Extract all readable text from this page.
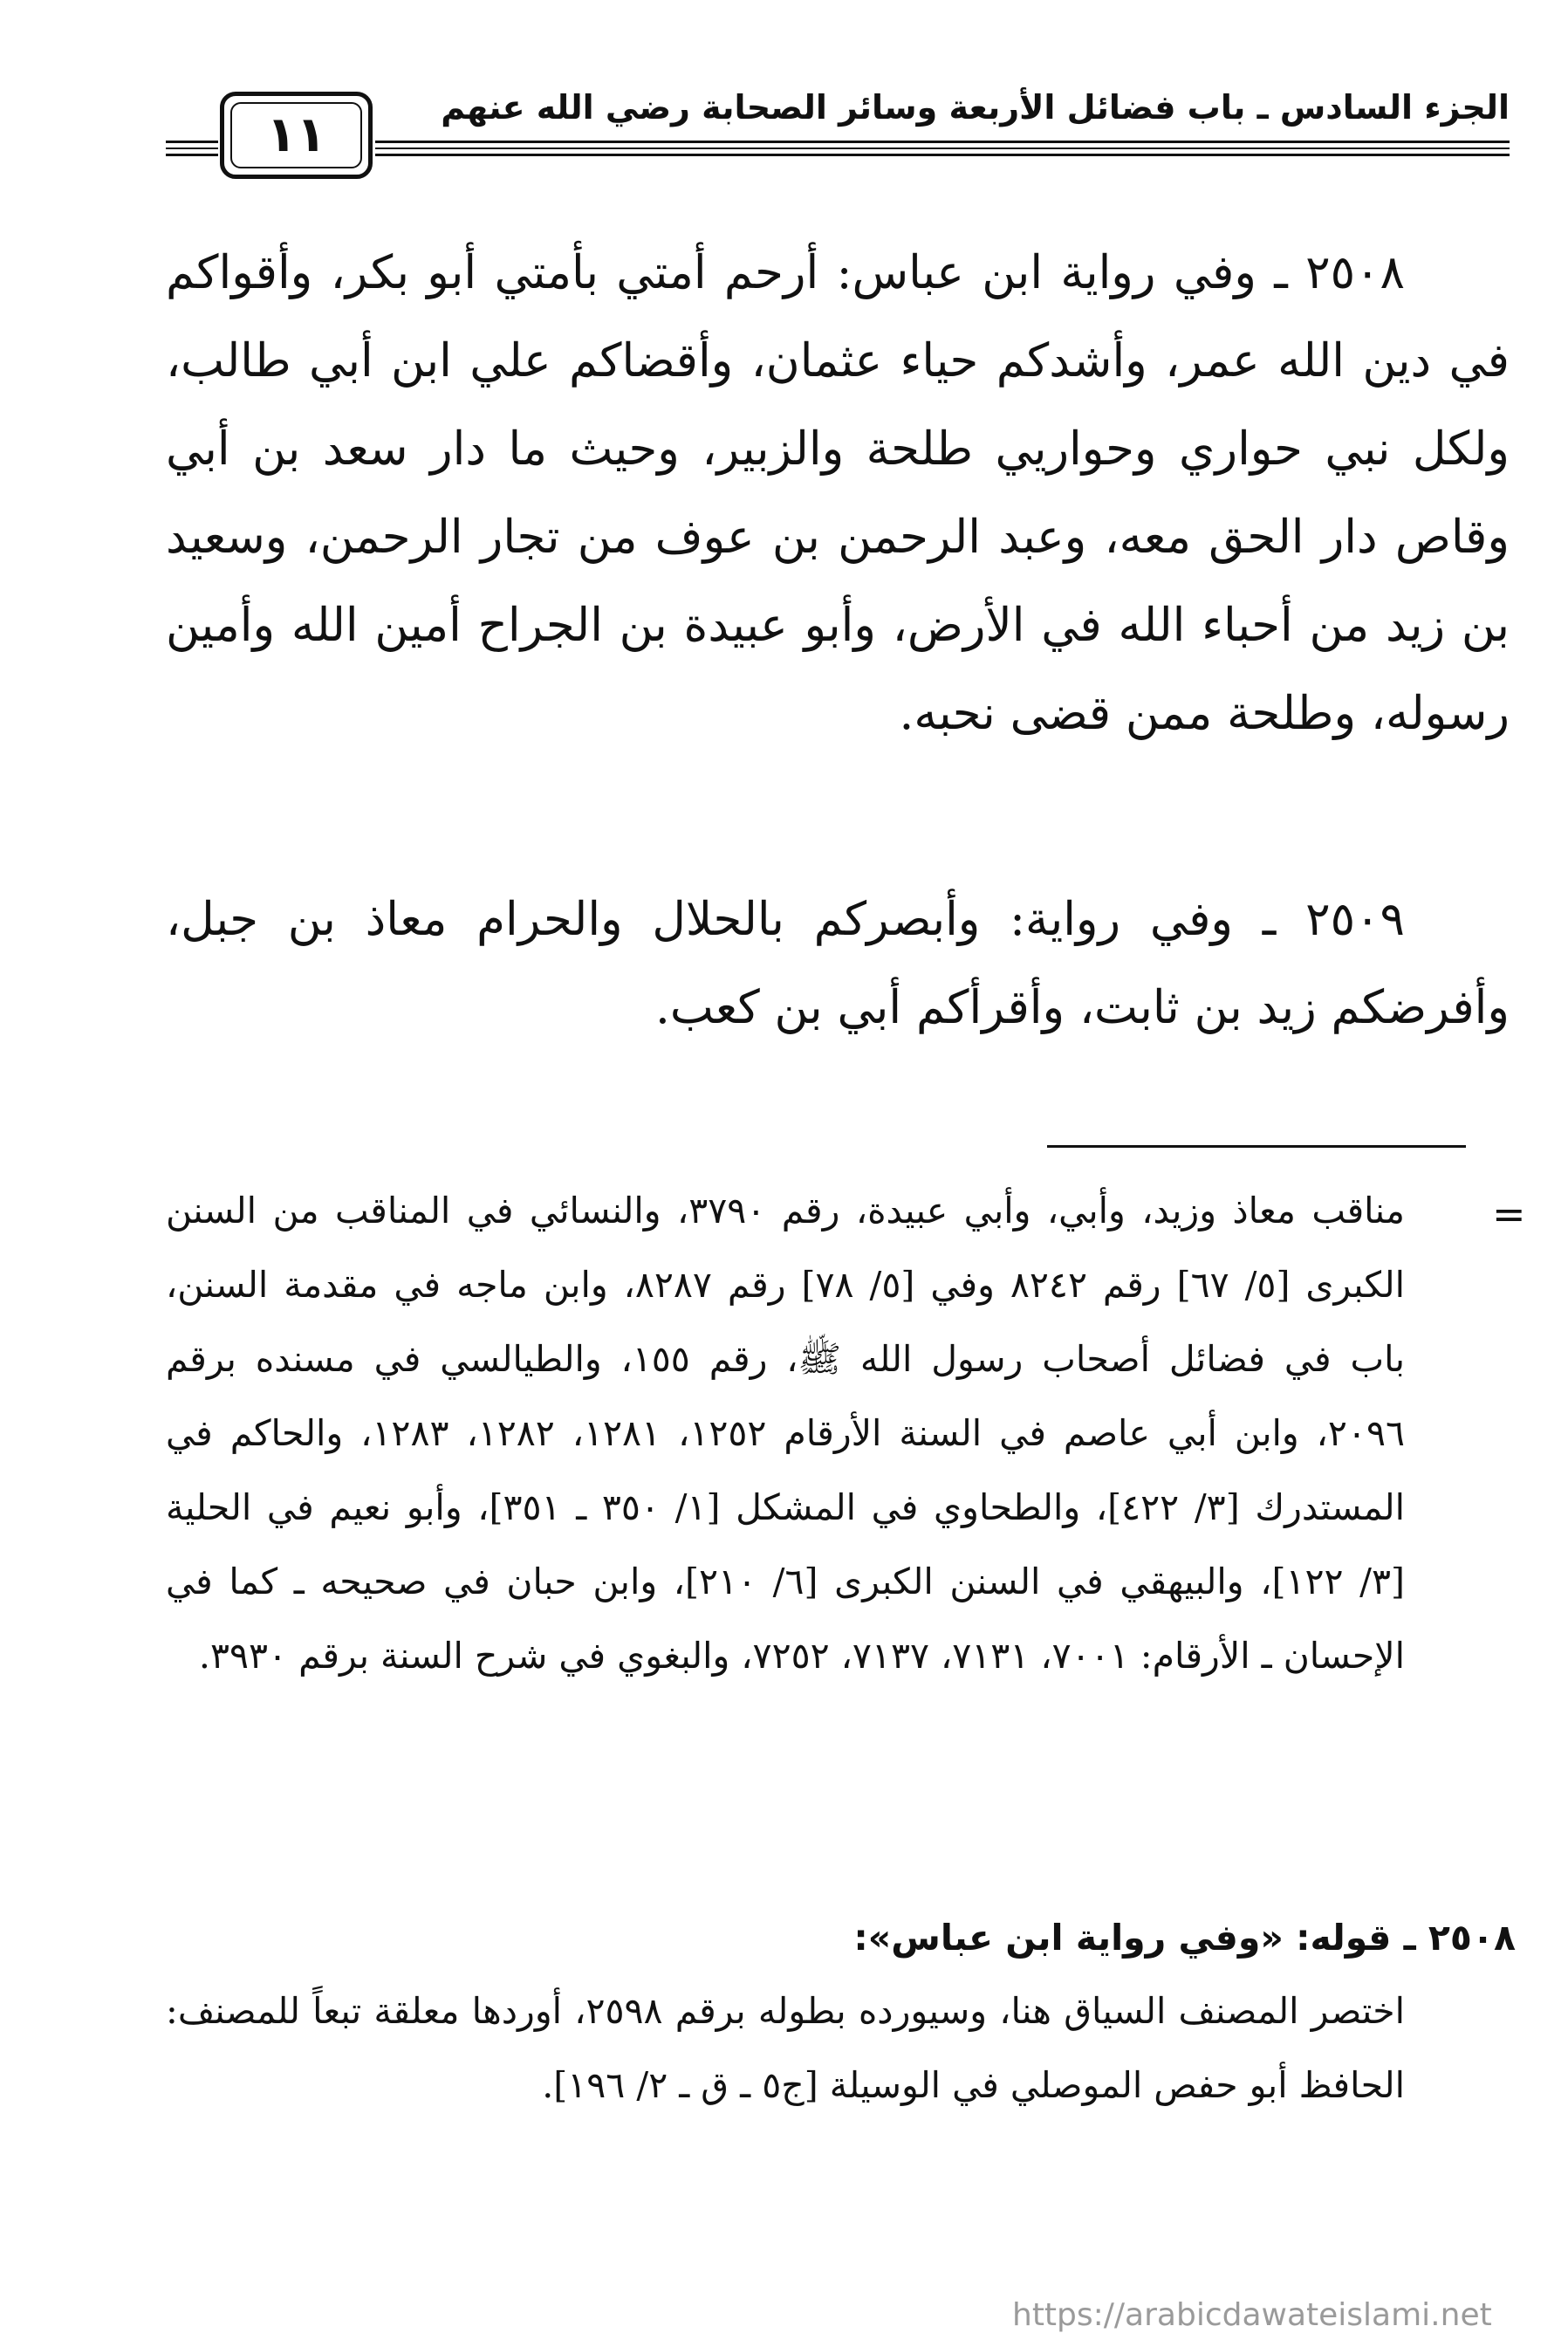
الجزء السادس ـ باب فضائل الأربعة وسائر الصحابة رضي الله عنهم
١١

٢٥٠٨ ـ وفي رواية ابن عباس: أرحم أمتي بأمتي أبو بكر، وأقواكم في دين الله عمر، وأشدكم حياء عثمان، وأقضاكم علي ابن أبي طالب، ولكل نبي حواري وحواريي طلحة والزبير، وحيث ما دار سعد بن أبي وقاص دار الحق معه، وعبد الرحمن بن عوف من تجار الرحمن، وسعيد بن زيد من أحباء الله في الأرض، وأبو عبيدة بن الجراح أمين الله وأمين رسوله، وطلحة ممن قضى نحبه.

٢٥٠٩ ـ وفي رواية: وأبصركم بالحلال والحرام معاذ بن جبل، وأفرضكم زيد بن ثابت، وأقرأكم أبي بن كعب.

=

مناقب معاذ وزيد، وأبي، وأبي عبيدة، رقم ٣٧٩٠، والنسائي في المناقب من السنن الكبرى [٥/ ٦٧] رقم ٨٢٤٢ وفي [٥/ ٧٨] رقم ٨٢٨٧، وابن ماجه في مقدمة السنن، باب في فضائل أصحاب رسول الله ﷺ، رقم ١٥٥، والطيالسي في مسنده برقم ٢٠٩٦، وابن أبي عاصم في السنة الأرقام ١٢٥٢، ١٢٨١، ١٢٨٢، ١٢٨٣، والحاكم في المستدرك [٣/ ٤٢٢]، والطحاوي في المشكل [١/ ٣٥٠ ـ ٣٥١]، وأبو نعيم في الحلية [٣/ ١٢٢]، والبيهقي في السنن الكبرى [٦/ ٢١٠]، وابن حبان في صحيحه ـ كما في الإحسان ـ الأرقام: ٧٠٠١، ٧١٣١، ٧١٣٧، ٧٢٥٢، والبغوي في شرح السنة برقم ٣٩٣٠.

٢٥٠٨ ـ قوله: «وفي رواية ابن عباس»:

اختصر المصنف السياق هنا، وسيورده بطوله برقم ٢٥٩٨، أوردها معلقة تبعاً للمصنف: الحافظ أبو حفص الموصلي في الوسيلة [ج٥ ـ ق ـ ٢/ ١٩٦].

https://arabicdawateislami.net
